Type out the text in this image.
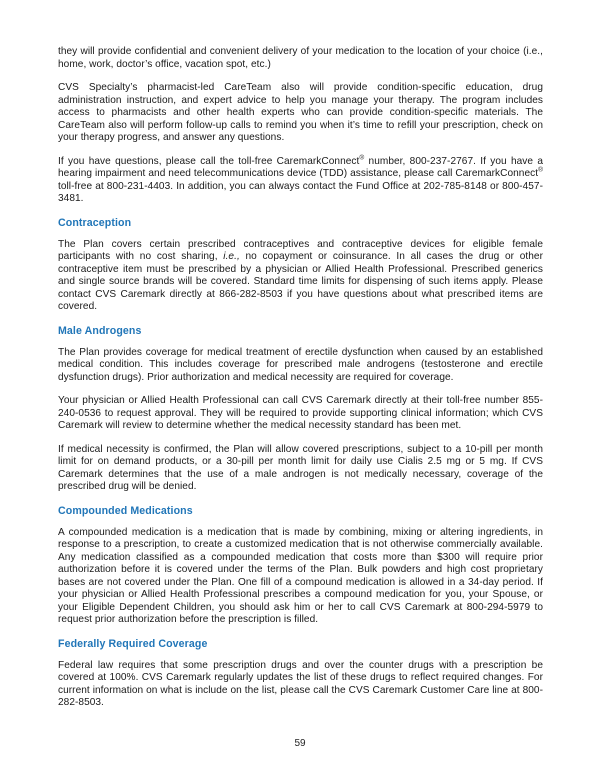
they will provide confidential and convenient delivery of your medication to the location of your choice (i.e., home, work, doctor’s office, vacation spot, etc.)

CVS Specialty’s pharmacist-led CareTeam also will provide condition-specific education, drug administration instruction, and expert advice to help you manage your therapy. The program includes access to pharmacists and other health experts who can provide condition-specific materials. The CareTeam also will perform follow-up calls to remind you when it’s time to refill your prescription, check on your therapy progress, and answer any questions.

If you have questions, please call the toll-free CaremarkConnect® number, 800-237-2767. If you have a hearing impairment and need telecommunications device (TDD) assistance, please call CaremarkConnect® toll-free at 800-231-4403. In addition, you can always contact the Fund Office at 202-785-8148 or 800-457-3481.

Contraception

The Plan covers certain prescribed contraceptives and contraceptive devices for eligible female participants with no cost sharing, i.e., no copayment or coinsurance. In all cases the drug or other contraceptive item must be prescribed by a physician or Allied Health Professional. Prescribed generics and single source brands will be covered. Standard time limits for dispensing of such items apply. Please contact CVS Caremark directly at 866-282-8503 if you have questions about what prescribed items are covered.

Male Androgens

The Plan provides coverage for medical treatment of erectile dysfunction when caused by an established medical condition. This includes coverage for prescribed male androgens (testosterone and erectile dysfunction drugs). Prior authorization and medical necessity are required for coverage.

Your physician or Allied Health Professional can call CVS Caremark directly at their toll-free number 855-240-0536 to request approval. They will be required to provide supporting clinical information; which CVS Caremark will review to determine whether the medical necessity standard has been met.

If medical necessity is confirmed, the Plan will allow covered prescriptions, subject to a 10-pill per month limit for on demand products, or a 30-pill per month limit for daily use Cialis 2.5 mg or 5 mg. If CVS Caremark determines that the use of a male androgen is not medically necessary, coverage of the prescribed drug will be denied.

Compounded Medications

A compounded medication is a medication that is made by combining, mixing or altering ingredients, in response to a prescription, to create a customized medication that is not otherwise commercially available. Any medication classified as a compounded medication that costs more than $300 will require prior authorization before it is covered under the terms of the Plan. Bulk powders and high cost proprietary bases are not covered under the Plan. One fill of a compound medication is allowed in a 34-day period. If your physician or Allied Health Professional prescribes a compound medication for you, your Spouse, or your Eligible Dependent Children, you should ask him or her to call CVS Caremark at 800-294-5979 to request prior authorization before the prescription is filled.

Federally Required Coverage

Federal law requires that some prescription drugs and over the counter drugs with a prescription be covered at 100%. CVS Caremark regularly updates the list of these drugs to reflect required changes. For current information on what is include on the list, please call the CVS Caremark Customer Care line at 800-282-8503.

59
